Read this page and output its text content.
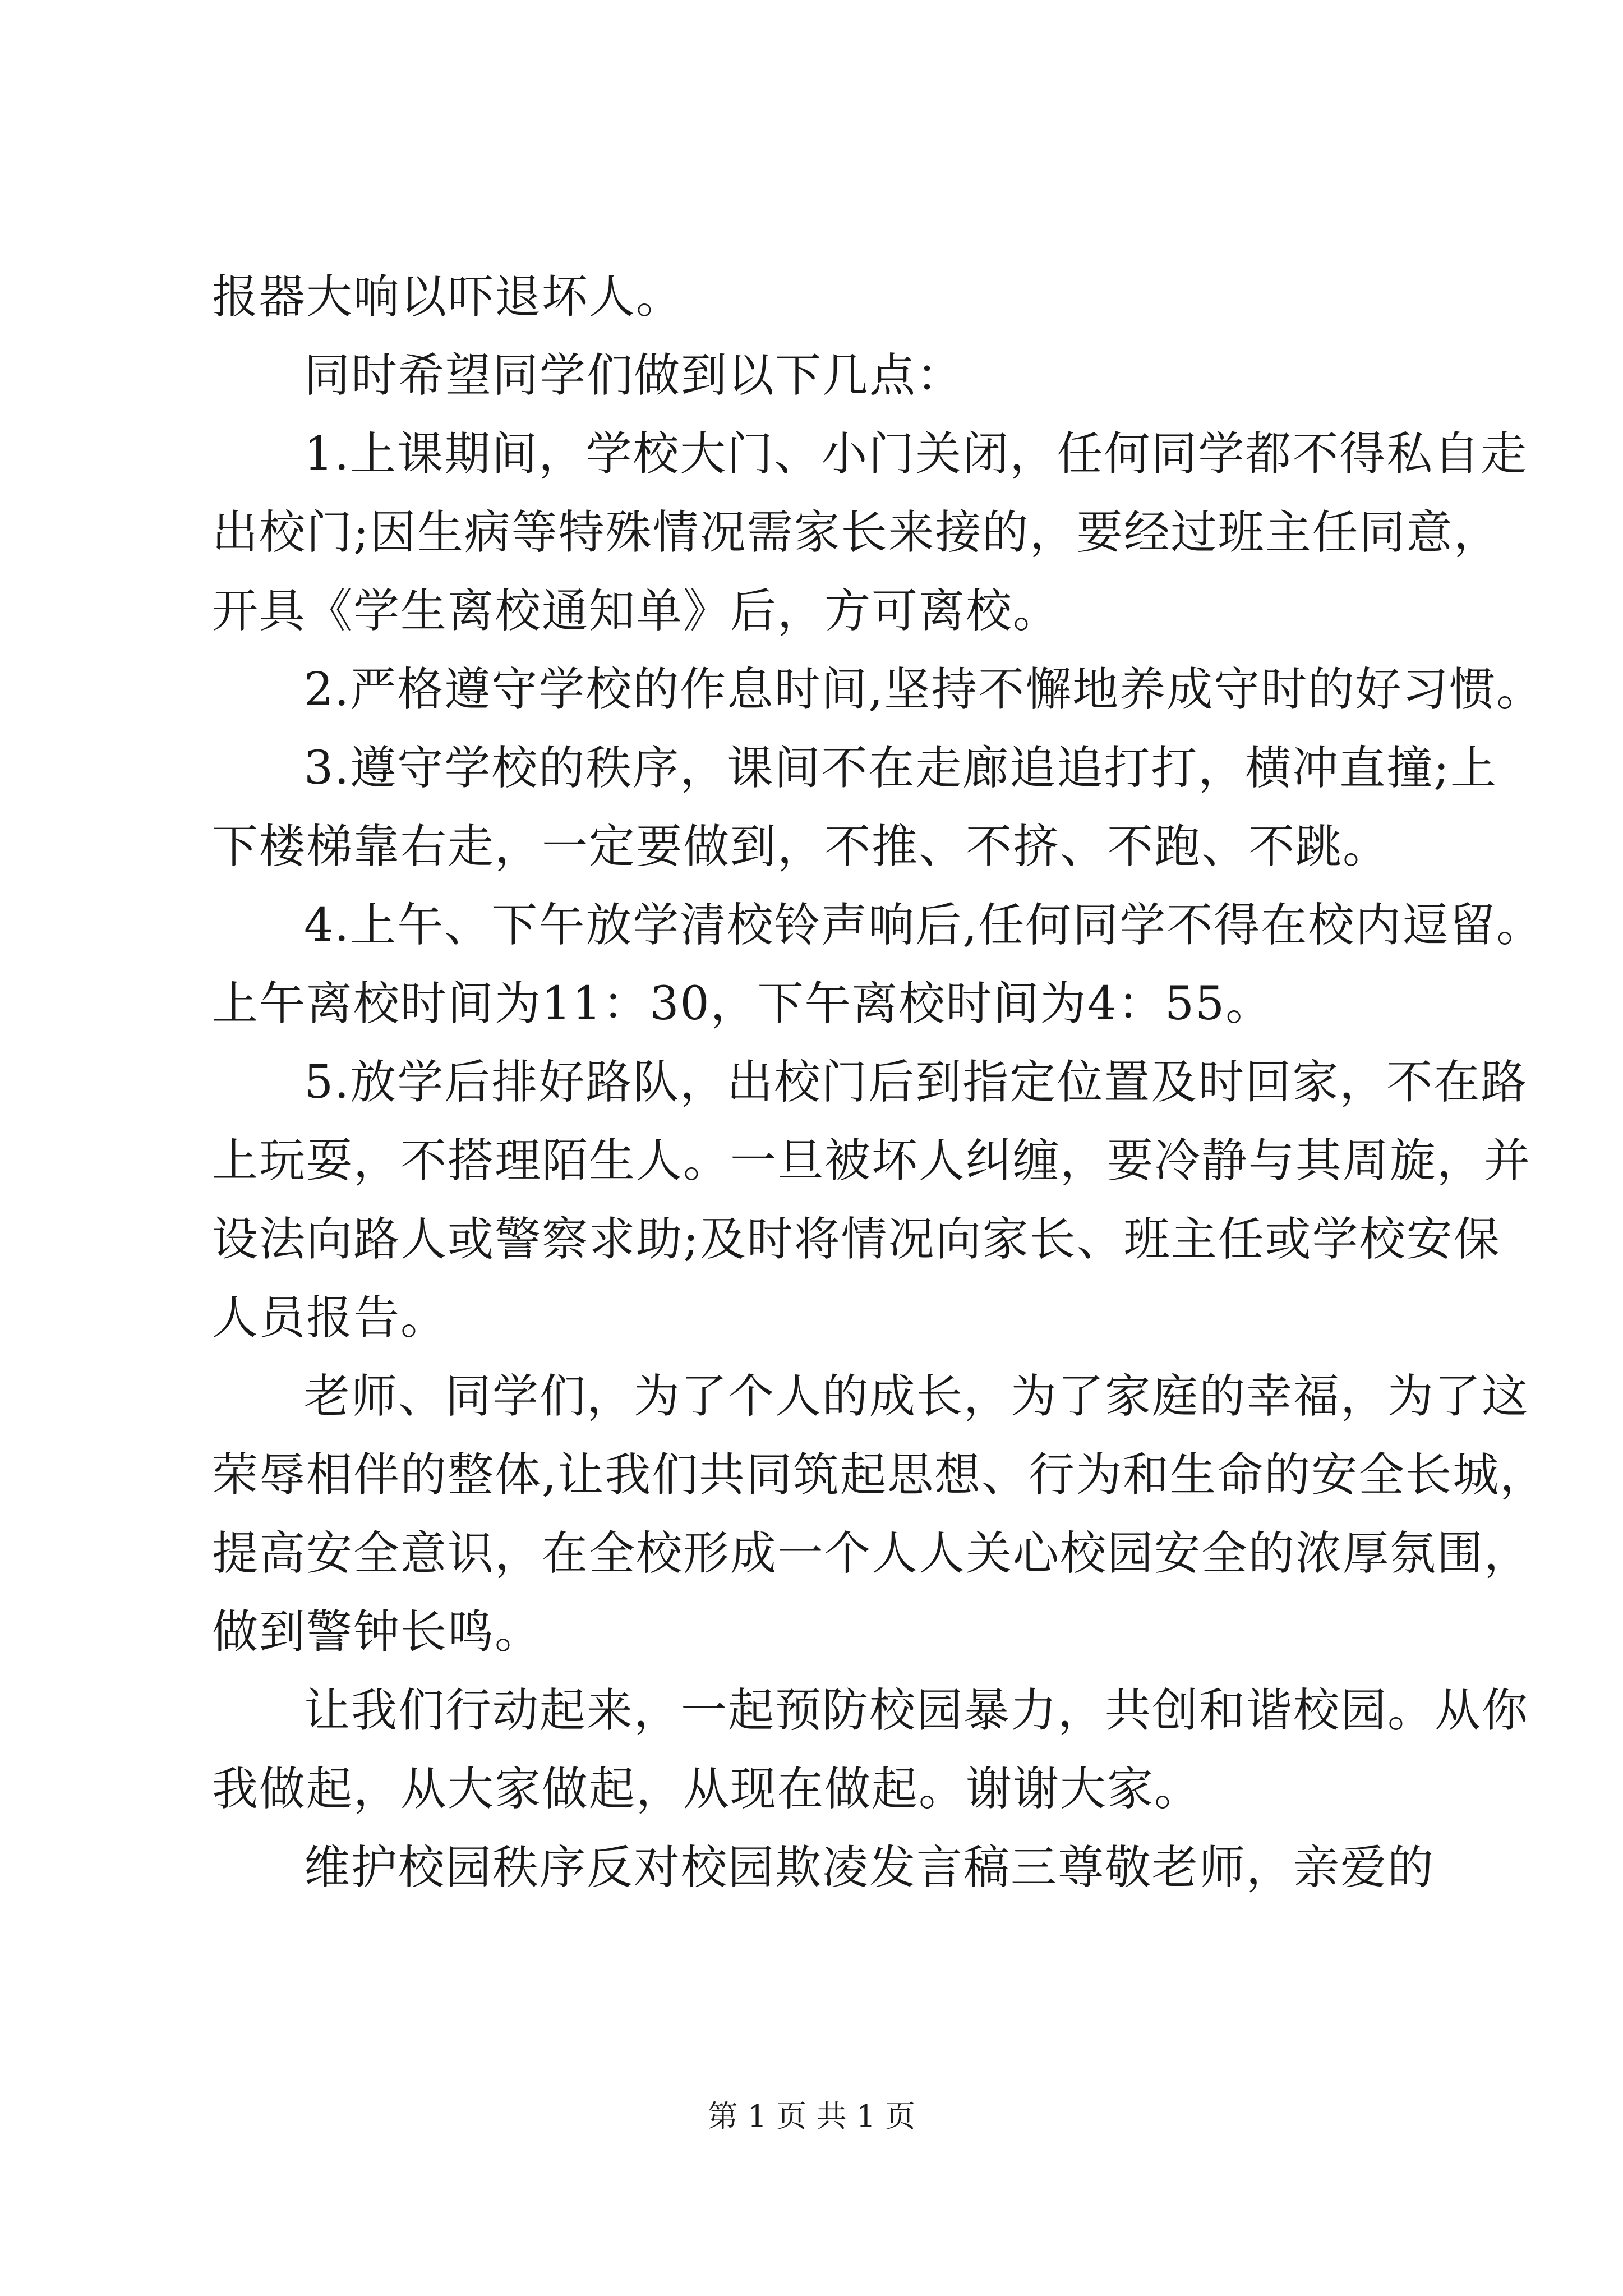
报器大响以吓退坏人。

同时希望同学们做到以下几点：

1.上课期间，学校大门、小门关闭，任何同学都不得私自走

出校门;因生病等特殊情况需家长来接的，要经过班主任同意，

开具《学生离校通知单》后，方可离校。

2.严格遵守学校的作息时间,坚持不懈地养成守时的好习惯。

3.遵守学校的秩序，课间不在走廊追追打打，横冲直撞;上

下楼梯靠右走，一定要做到，不推、不挤、不跑、不跳。

4.上午、下午放学清校铃声响后,任何同学不得在校内逗留。

上午离校时间为11：30，下午离校时间为4：55。

5.放学后排好路队，出校门后到指定位置及时回家，不在路

上玩耍，不搭理陌生人。一旦被坏人纠缠，要冷静与其周旋，并

设法向路人或警察求助;及时将情况向家长、班主任或学校安保

人员报告。

老师、同学们，为了个人的成长，为了家庭的幸福，为了这

荣辱相伴的整体,让我们共同筑起思想、行为和生命的安全长城，

提高安全意识，在全校形成一个人人关心校园安全的浓厚氛围，

做到警钟长鸣。

让我们行动起来，一起预防校园暴力，共创和谐校园。从你

我做起，从大家做起，从现在做起。谢谢大家。

维护校园秩序反对校园欺凌发言稿三尊敬老师，亲爱的

第 1 页 共 1 页
